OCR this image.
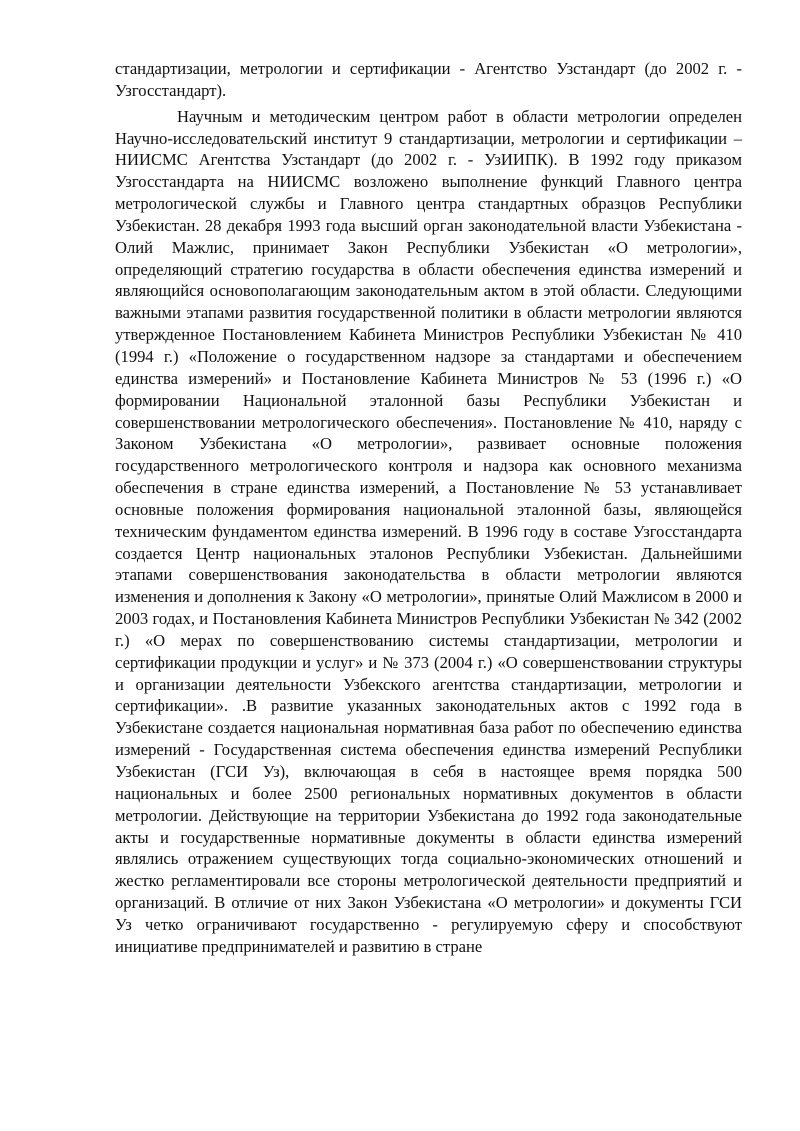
стандартизации, метрологии и сертификации - Агентство Узстандарт (до 2002 г. - Узгосстандарт).

Научным и методическим центром работ в области метрологии определен Научно-исследовательский институт 9 стандартизации, метрологии и сертификации – НИИСМС Агентства Узстандарт (до 2002 г. - УзИИПК). В 1992 году приказом Узгосстандарта на НИИСМС возложено выполнение функций Главного центра метрологической службы и Главного центра стандартных образцов Республики Узбекистан. 28 декабря 1993 года высший орган законодательной власти Узбекистана - Олий Мажлис, принимает Закон Республики Узбекистан «О метрологии», определяющий стратегию государства в области обеспечения единства измерений и являющийся основополагающим законодательным актом в этой области. Следующими важными этапами развития государственной политики в области метрологии являются утвержденное Постановлением Кабинета Министров Республики Узбекистан № 410 (1994 г.) «Положение о государственном надзоре за стандартами и обеспечением единства измерений» и Постановление Кабинета Министров № 53 (1996 г.) «О формировании Национальной эталонной базы Республики Узбекистан и совершенствовании метрологического обеспечения». Постановление № 410, наряду с Законом Узбекистана «О метрологии», развивает основные положения государственного метрологического контроля и надзора как основного механизма обеспечения в стране единства измерений, а Постановление № 53 устанавливает основные положения формирования национальной эталонной базы, являющейся техническим фундаментом единства измерений. В 1996 году в составе Узгосстандарта создается Центр национальных эталонов Республики Узбекистан. Дальнейшими этапами совершенствования законодательства в области метрологии являются изменения и дополнения к Закону «О метрологии», принятые Олий Мажлисом в 2000 и 2003 годах, и Постановления Кабинета Министров Республики Узбекистан № 342 (2002 г.) «О мерах по совершенствованию системы стандартизации, метрологии и сертификации продукции и услуг» и № 373 (2004 г.) «О совершенствовании структуры и организации деятельности Узбекского агентства стандартизации, метрологии и сертификации». .В развитие указанных законодательных актов с 1992 года в Узбекистане создается национальная нормативная база работ по обеспечению единства измерений - Государственная система обеспечения единства измерений Республики Узбекистан (ГСИ Уз), включающая в себя в настоящее время порядка 500 национальных и более 2500 региональных нормативных документов в области метрологии. Действующие на территории Узбекистана до 1992 года законодательные акты и государственные нормативные документы в области единства измерений являлись отражением существующих тогда социально-экономических отношений и жестко регламентировали все стороны метрологической деятельности предприятий и организаций. В отличие от них Закон Узбекистана «О метрологии» и документы ГСИ Уз четко ограничивают государственно - регулируемую сферу и способствуют инициативе предпринимателей и развитию в стране
